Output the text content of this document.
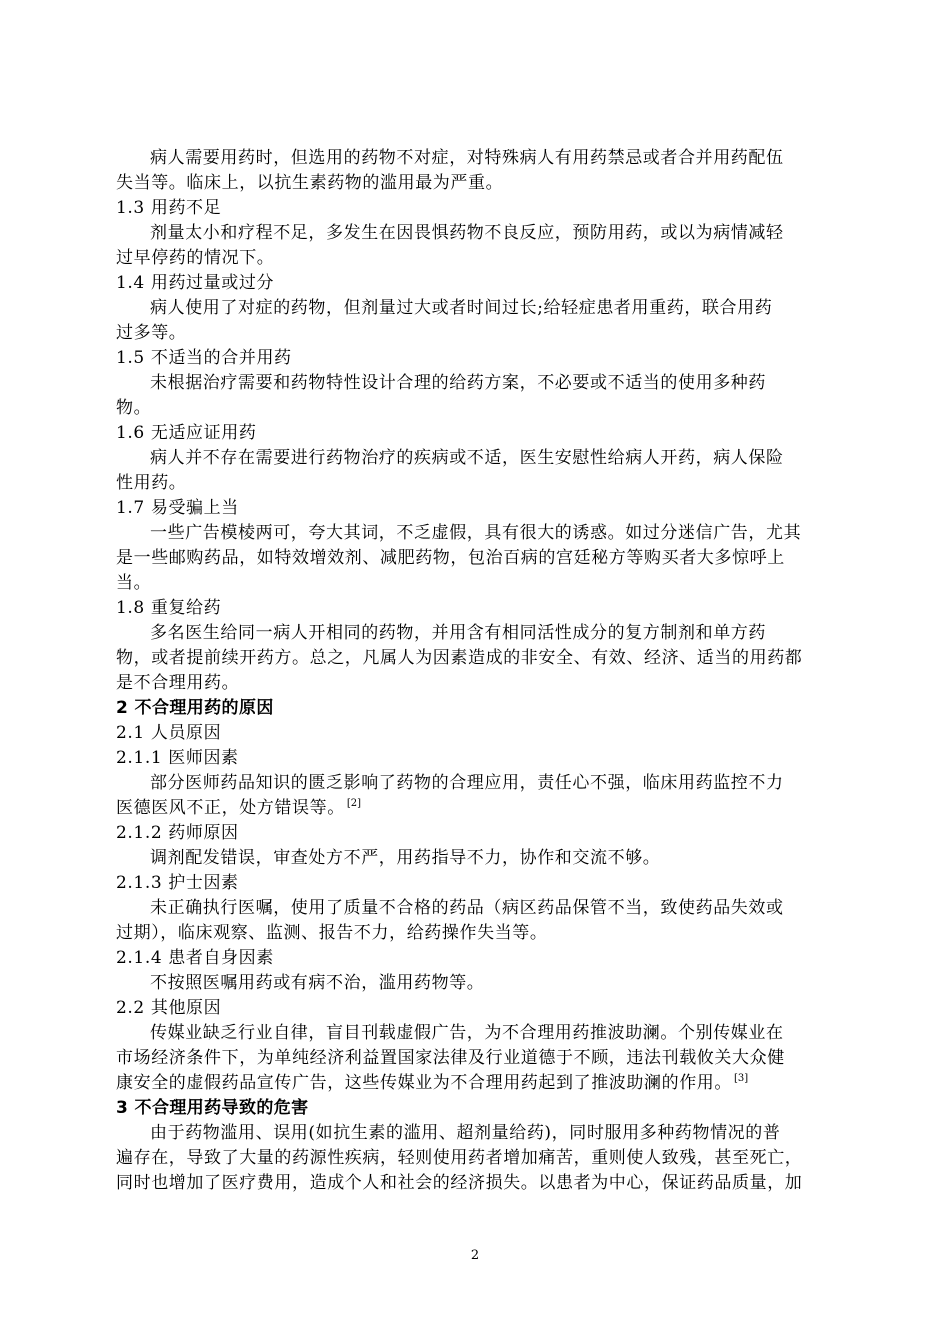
病人需要用药时，但选用的药物不对症，对特殊病人有用药禁忌或者合并用药配伍
失当等。临床上，以抗生素药物的滥用最为严重。
1.3 用药不足
剂量太小和疗程不足，多发生在因畏惧药物不良反应，预防用药，或以为病情减轻
过早停药的情况下。
1.4 用药过量或过分
病人使用了对症的药物，但剂量过大或者时间过长;给轻症患者用重药，联合用药
过多等。
1.5 不适当的合并用药
未根据治疗需要和药物特性设计合理的给药方案，不必要或不适当的使用多种药
物。
1.6 无适应证用药
病人并不存在需要进行药物治疗的疾病或不适，医生安慰性给病人开药，病人保险
性用药。
1.7 易受骗上当
一些广告模棱两可，夸大其词，不乏虚假，具有很大的诱惑。如过分迷信广告，尤其
是一些邮购药品，如特效增效剂、减肥药物，包治百病的宫廷秘方等购买者大多惊呼上
当。
1.8 重复给药
多名医生给同一病人开相同的药物，并用含有相同活性成分的复方制剂和单方药
物，或者提前续开药方。总之，凡属人为因素造成的非安全、有效、经济、适当的用药都
是不合理用药。
2 不合理用药的原因
2.1 人员原因
2.1.1 医师因素
部分医师药品知识的匮乏影响了药物的合理应用，责任心不强，临床用药监控不力
医德医风不正，处方错误等。 [2]
2.1.2 药师原因
调剂配发错误，审查处方不严，用药指导不力，协作和交流不够。
2.1.3 护士因素
未正确执行医嘱，使用了质量不合格的药品（病区药品保管不当，致使药品失效或
过期），临床观察、监测、报告不力，给药操作失当等。
2.1.4 患者自身因素
不按照医嘱用药或有病不治，滥用药物等。
2.2 其他原因
传媒业缺乏行业自律，盲目刊载虚假广告，为不合理用药推波助澜。个别传媒业在
市场经济条件下，为单纯经济利益置国家法律及行业道德于不顾，违法刊载攸关大众健
康安全的虚假药品宣传广告，这些传媒业为不合理用药起到了推波助澜的作用。 [3]
3 不合理用药导致的危害
由于药物滥用、误用(如抗生素的滥用、超剂量给药)，同时服用多种药物情况的普
遍存在，导致了大量的药源性疾病，轻则使用药者增加痛苦，重则使人致残，甚至死亡，
同时也增加了医疗费用，造成个人和社会的经济损失。以患者为中心，保证药品质量，加
2
